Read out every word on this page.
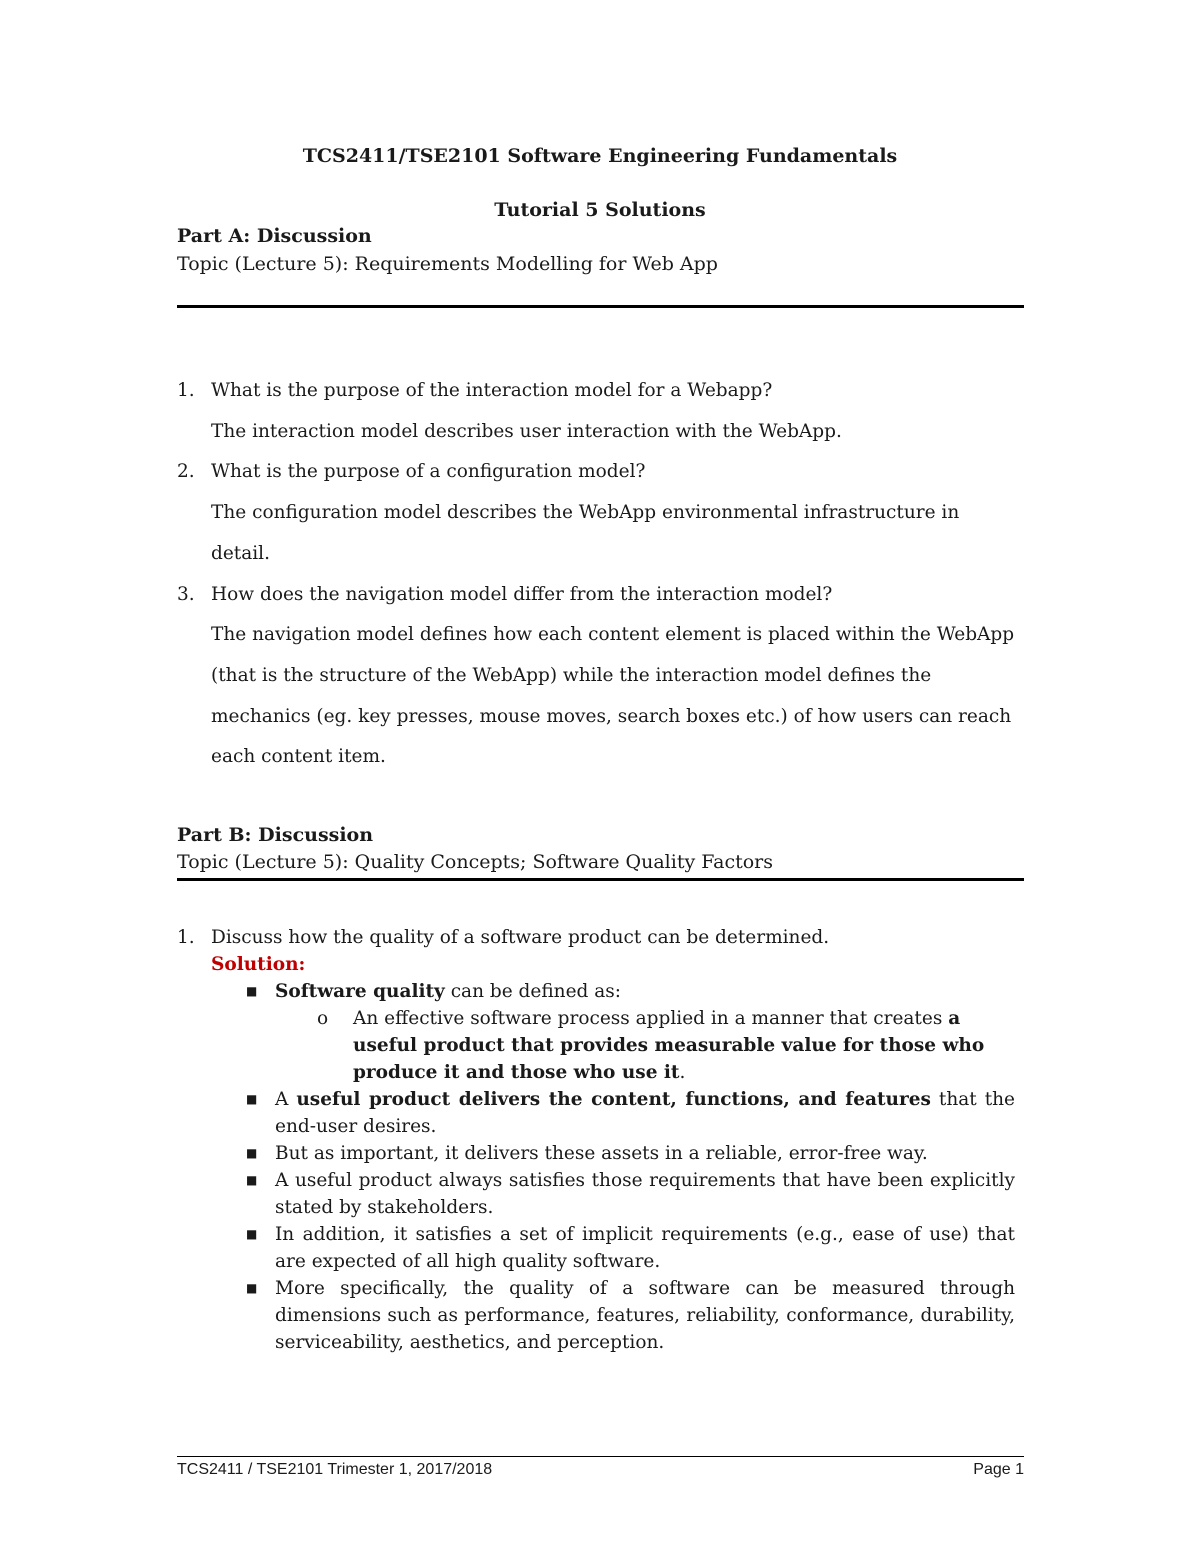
TCS2411/TSE2101 Software Engineering Fundamentals
Tutorial 5 Solutions
Part A: Discussion
Topic (Lecture 5): Requirements Modelling for Web App
1. What is the purpose of the interaction model for a Webapp?
The interaction model describes user interaction with the WebApp.
2. What is the purpose of a configuration model?
The configuration model describes the WebApp environmental infrastructure in detail.
3. How does the navigation model differ from the interaction model?
The navigation model defines how each content element is placed within the WebApp (that is the structure of the WebApp) while the interaction model defines the mechanics (eg. key presses, mouse moves, search boxes etc.) of how users can reach each content item.
Part B: Discussion
Topic (Lecture 5): Quality Concepts; Software Quality Factors
1. Discuss how the quality of a software product can be determined.
Solution:
■ Software quality can be defined as:
o	An effective software process applied in a manner that creates a useful product that provides measurable value for those who produce it and those who use it.
■ A useful product delivers the content, functions, and features that the end-user desires.
■ But as important, it delivers these assets in a reliable, error-free way.
■ A useful product always satisfies those requirements that have been explicitly stated by stakeholders.
■ In addition, it satisfies a set of implicit requirements (e.g., ease of use) that are expected of all high quality software.
■ More specifically, the quality of a software can be measured through dimensions such as performance, features, reliability, conformance, durability, serviceability, aesthetics, and perception.
TCS2411 / TSE2101 Trimester 1, 2017/2018	Page 1
